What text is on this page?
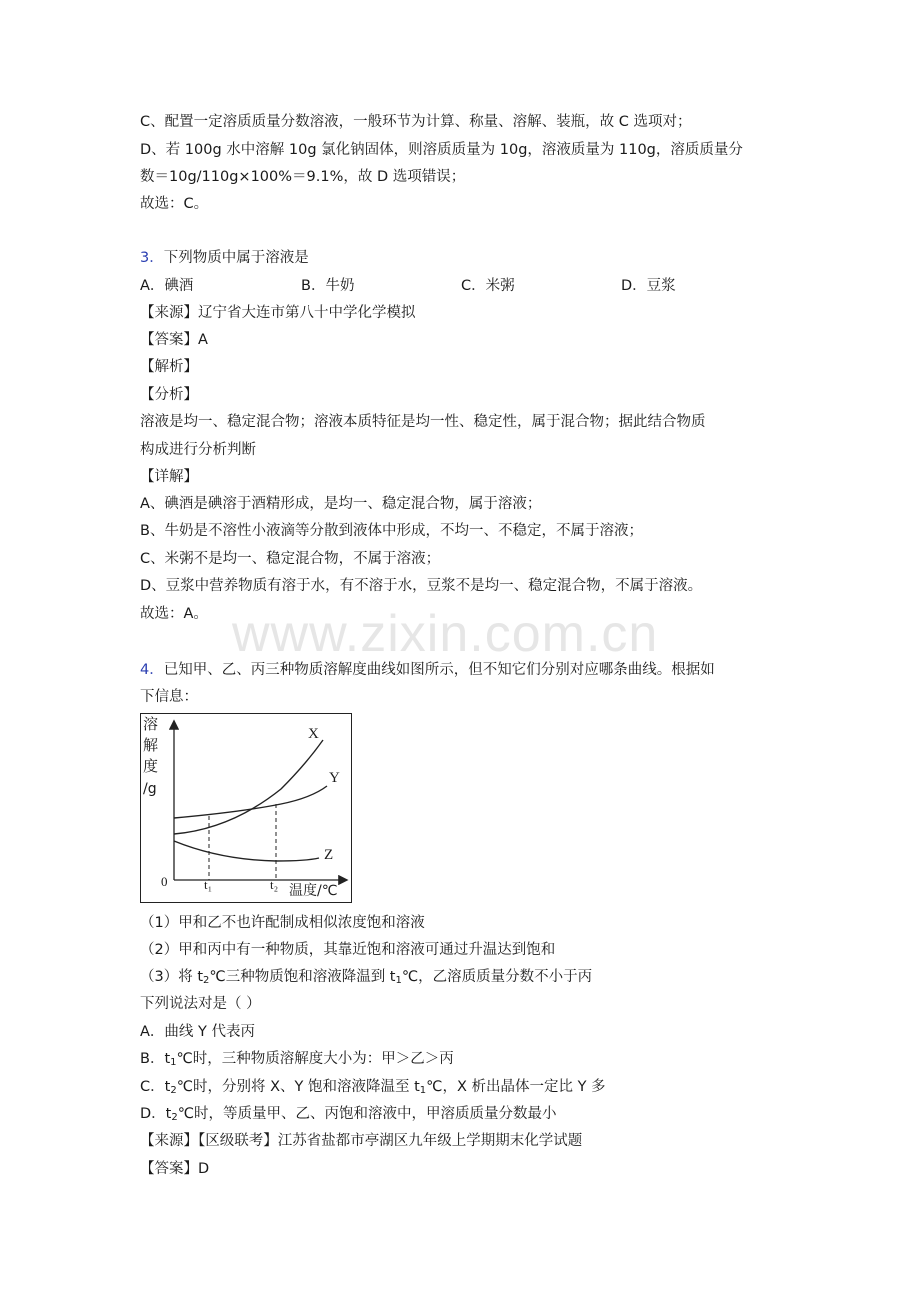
C、配置一定溶质质量分数溶液，一般环节为计算、称量、溶解、装瓶，故 C 选项对；
D、若 100g 水中溶解 10g 氯化钠固体，则溶质质量为 10g，溶液质量为 110g，溶质质量分
数＝10g/110g×100%＝9.1%，故 D 选项错误；
故选：C。
3．下列物质中属于溶液是
A．碘酒	B．牛奶	C．米粥	D．豆浆
【来源】辽宁省大连市第八十中学化学模拟
【答案】A
【解析】
【分析】
溶液是均一、稳定混合物；溶液本质特征是均一性、稳定性，属于混合物；据此结合物质
构成进行分析判断
【详解】
A、碘酒是碘溶于酒精形成，是均一、稳定混合物，属于溶液；
B、牛奶是不溶性小液滴等分散到液体中形成，不均一、不稳定，不属于溶液；
C、米粥不是均一、稳定混合物，不属于溶液；
D、豆浆中营养物质有溶于水，有不溶于水，豆浆不是均一、稳定混合物，不属于溶液。
故选：A。 www.zixin.com.cn
4．已知甲、乙、丙三种物质溶解度曲线如图所示，但不知它们分别对应哪条曲线。根据如
下信息：
溶
解
度
/g
X
Y
Z
0	t₁	t₂ 温度/℃
（1）甲和乙不也许配制成相似浓度饱和溶液
（2）甲和丙中有一种物质，其靠近饱和溶液可通过升温达到饱和
（3）将 $t_2℃$三种物质饱和溶液降温到 $t_1℃$，乙溶质质量分数不小于丙
下列说法对是（ ）
A．曲线 Y 代表丙
B．$t_1℃$时，三种物质溶解度大小为：甲＞乙＞丙
C．$t_2℃$时，分别将 X、Y 饱和溶液降温至 $t_1℃$，X 析出晶体一定比 Y 多
D．$t_2℃$时，等质量甲、乙、丙饱和溶液中，甲溶质质量分数最小
【来源】【区级联考】江苏省盐都市亭湖区九年级上学期期末化学试题
【答案】D
